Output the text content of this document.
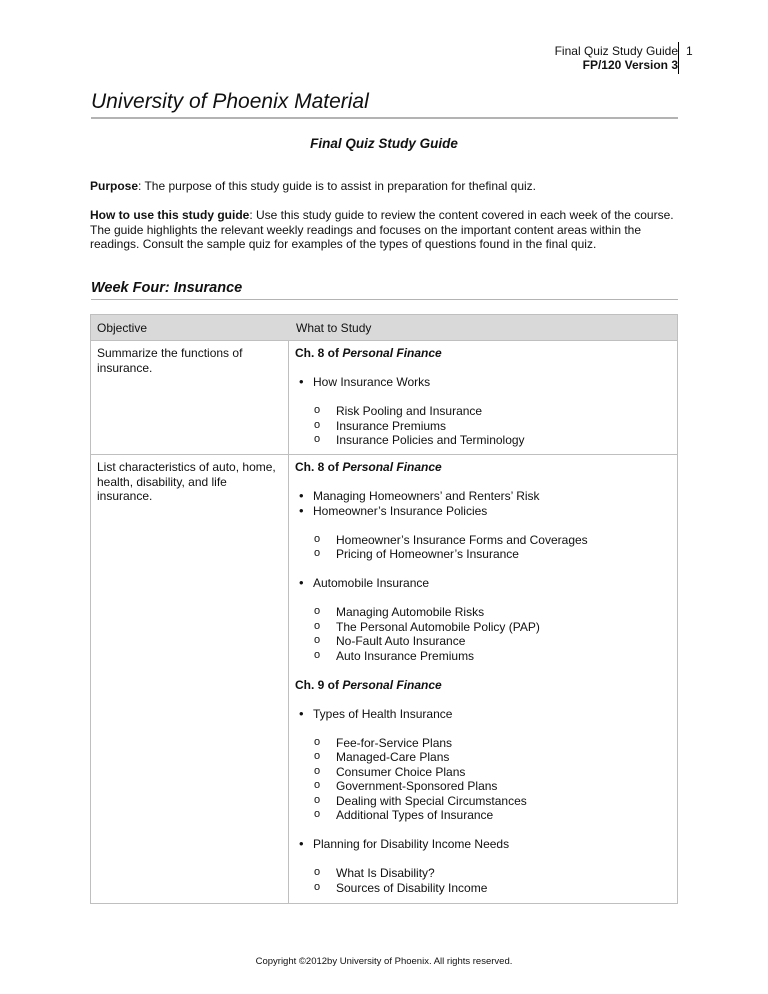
Final Quiz Study Guide
FP/120 Version 3
1
University of Phoenix Material
Final Quiz Study Guide
Purpose: The purpose of this study guide is to assist in preparation for thefinal quiz.
How to use this study guide: Use this study guide to review the content covered in each week of the course. The guide highlights the relevant weekly readings and focuses on the important content areas within the readings. Consult the sample quiz for examples of the types of questions found in the final quiz.
Week Four: Insurance
Objective	What to Study
Summarize the functions of insurance.
Ch. 8 of Personal Finance
• How Insurance Works
o Risk Pooling and Insurance
o Insurance Premiums
o Insurance Policies and Terminology
List characteristics of auto, home, health, disability, and life insurance.
Ch. 8 of Personal Finance
• Managing Homeowners’ and Renters’ Risk
• Homeowner’s Insurance Policies
o Homeowner’s Insurance Forms and Coverages
o Pricing of Homeowner’s Insurance
• Automobile Insurance
o Managing Automobile Risks
o The Personal Automobile Policy (PAP)
o No-Fault Auto Insurance
o Auto Insurance Premiums
Ch. 9 of Personal Finance
• Types of Health Insurance
o Fee-for-Service Plans
o Managed-Care Plans
o Consumer Choice Plans
o Government-Sponsored Plans
o Dealing with Special Circumstances
o Additional Types of Insurance
• Planning for Disability Income Needs
o What Is Disability?
o Sources of Disability Income
Copyright ©2012by University of Phoenix. All rights reserved.
